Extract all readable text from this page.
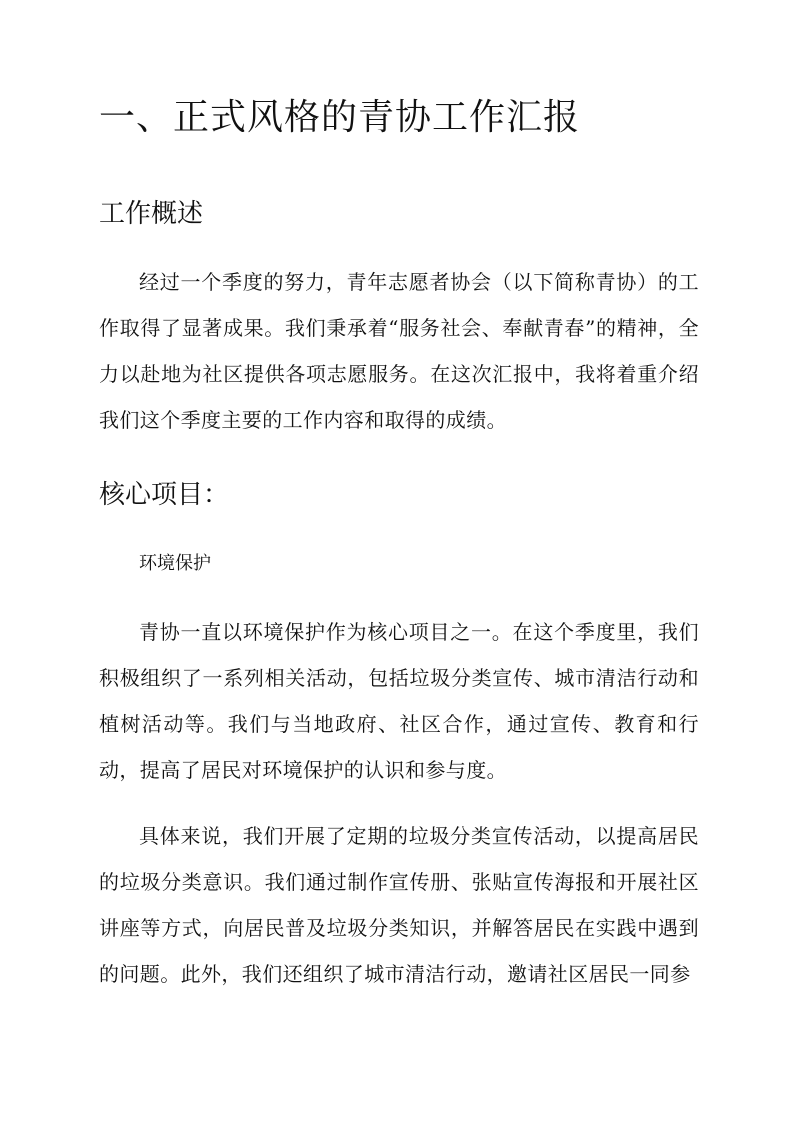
一、正式风格的青协工作汇报
工作概述

经过一个季度的努力，青年志愿者协会（以下简称青协）的工作取得了显著成果。我们秉承着“服务社会、奉献青春”的精神，全力以赴地为社区提供各项志愿服务。在这次汇报中，我将着重介绍我们这个季度主要的工作内容和取得的成绩。

核心项目：
环境保护

青协一直以环境保护作为核心项目之一。在这个季度里，我们积极组织了一系列相关活动，包括垃圾分类宣传、城市清洁行动和植树活动等。我们与当地政府、社区合作，通过宣传、教育和行动，提高了居民对环境保护的认识和参与度。

具体来说，我们开展了定期的垃圾分类宣传活动，以提高居民的垃圾分类意识。我们通过制作宣传册、张贴宣传海报和开展社区讲座等方式，向居民普及垃圾分类知识，并解答居民在实践中遇到的问题。此外，我们还组织了城市清洁行动，邀请社区居民一同参
